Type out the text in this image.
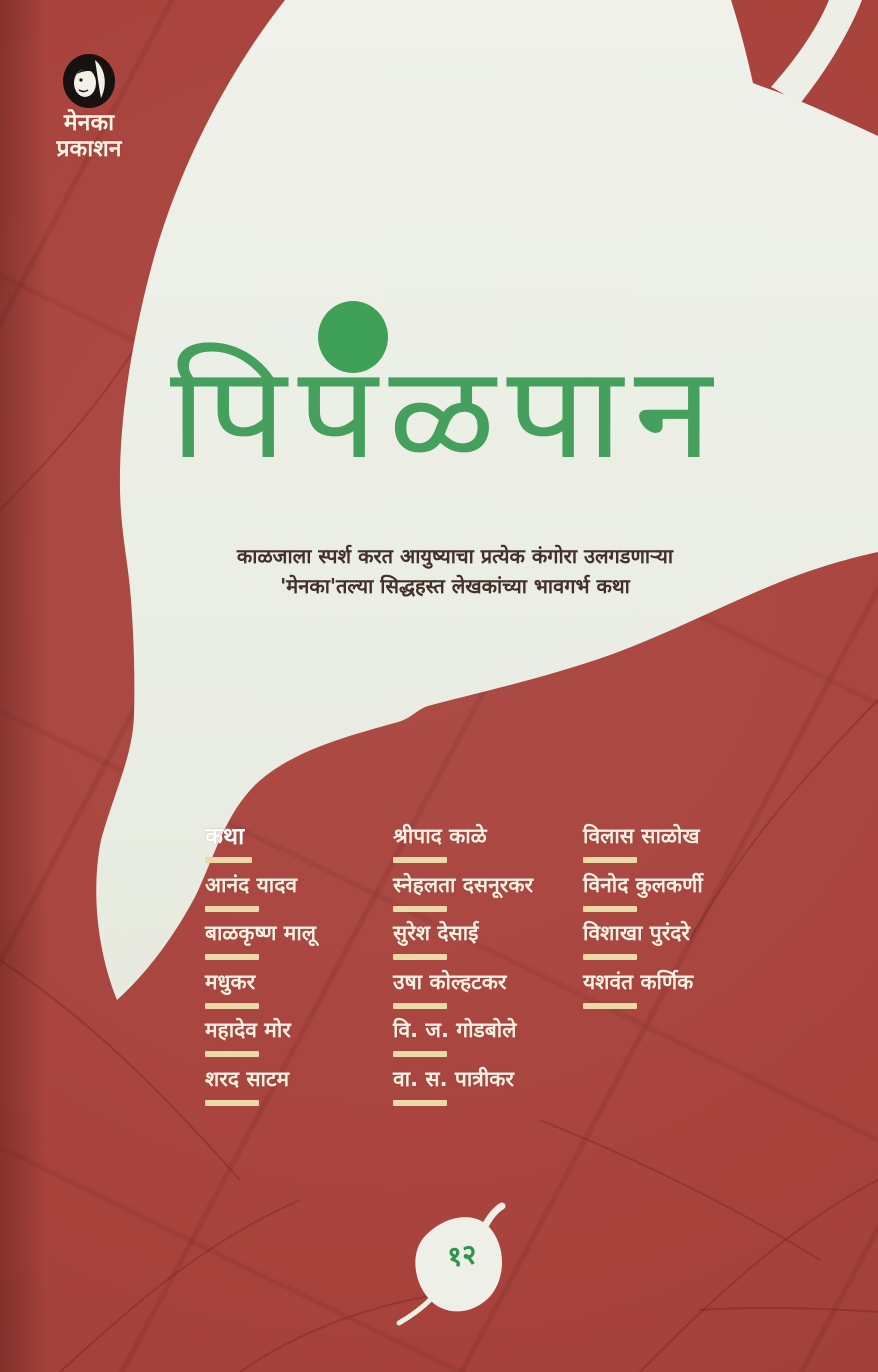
मेनका
प्रकाशन
पिपळपान
काळजाला स्पर्श करत आयुष्याचा प्रत्येक कंगोरा उलगडणाऱ्या
'मेनका'तल्या सिद्धहस्त लेखकांच्या भावगर्भ कथा
कथा
आनंद यादव
बाळकृष्ण मालू
मधुकर
महादेव मोर
शरद साटम
श्रीपाद काळे
स्नेहलता दसनूरकर
सुरेश देसाई
उषा कोल्हटकर
वि. ज. गोडबोले
वा. स. पात्रीकर
विलास साळोख
विनोद कुलकर्णी
विशाखा पुरंदरे
यशवंत कर्णिक
१२
